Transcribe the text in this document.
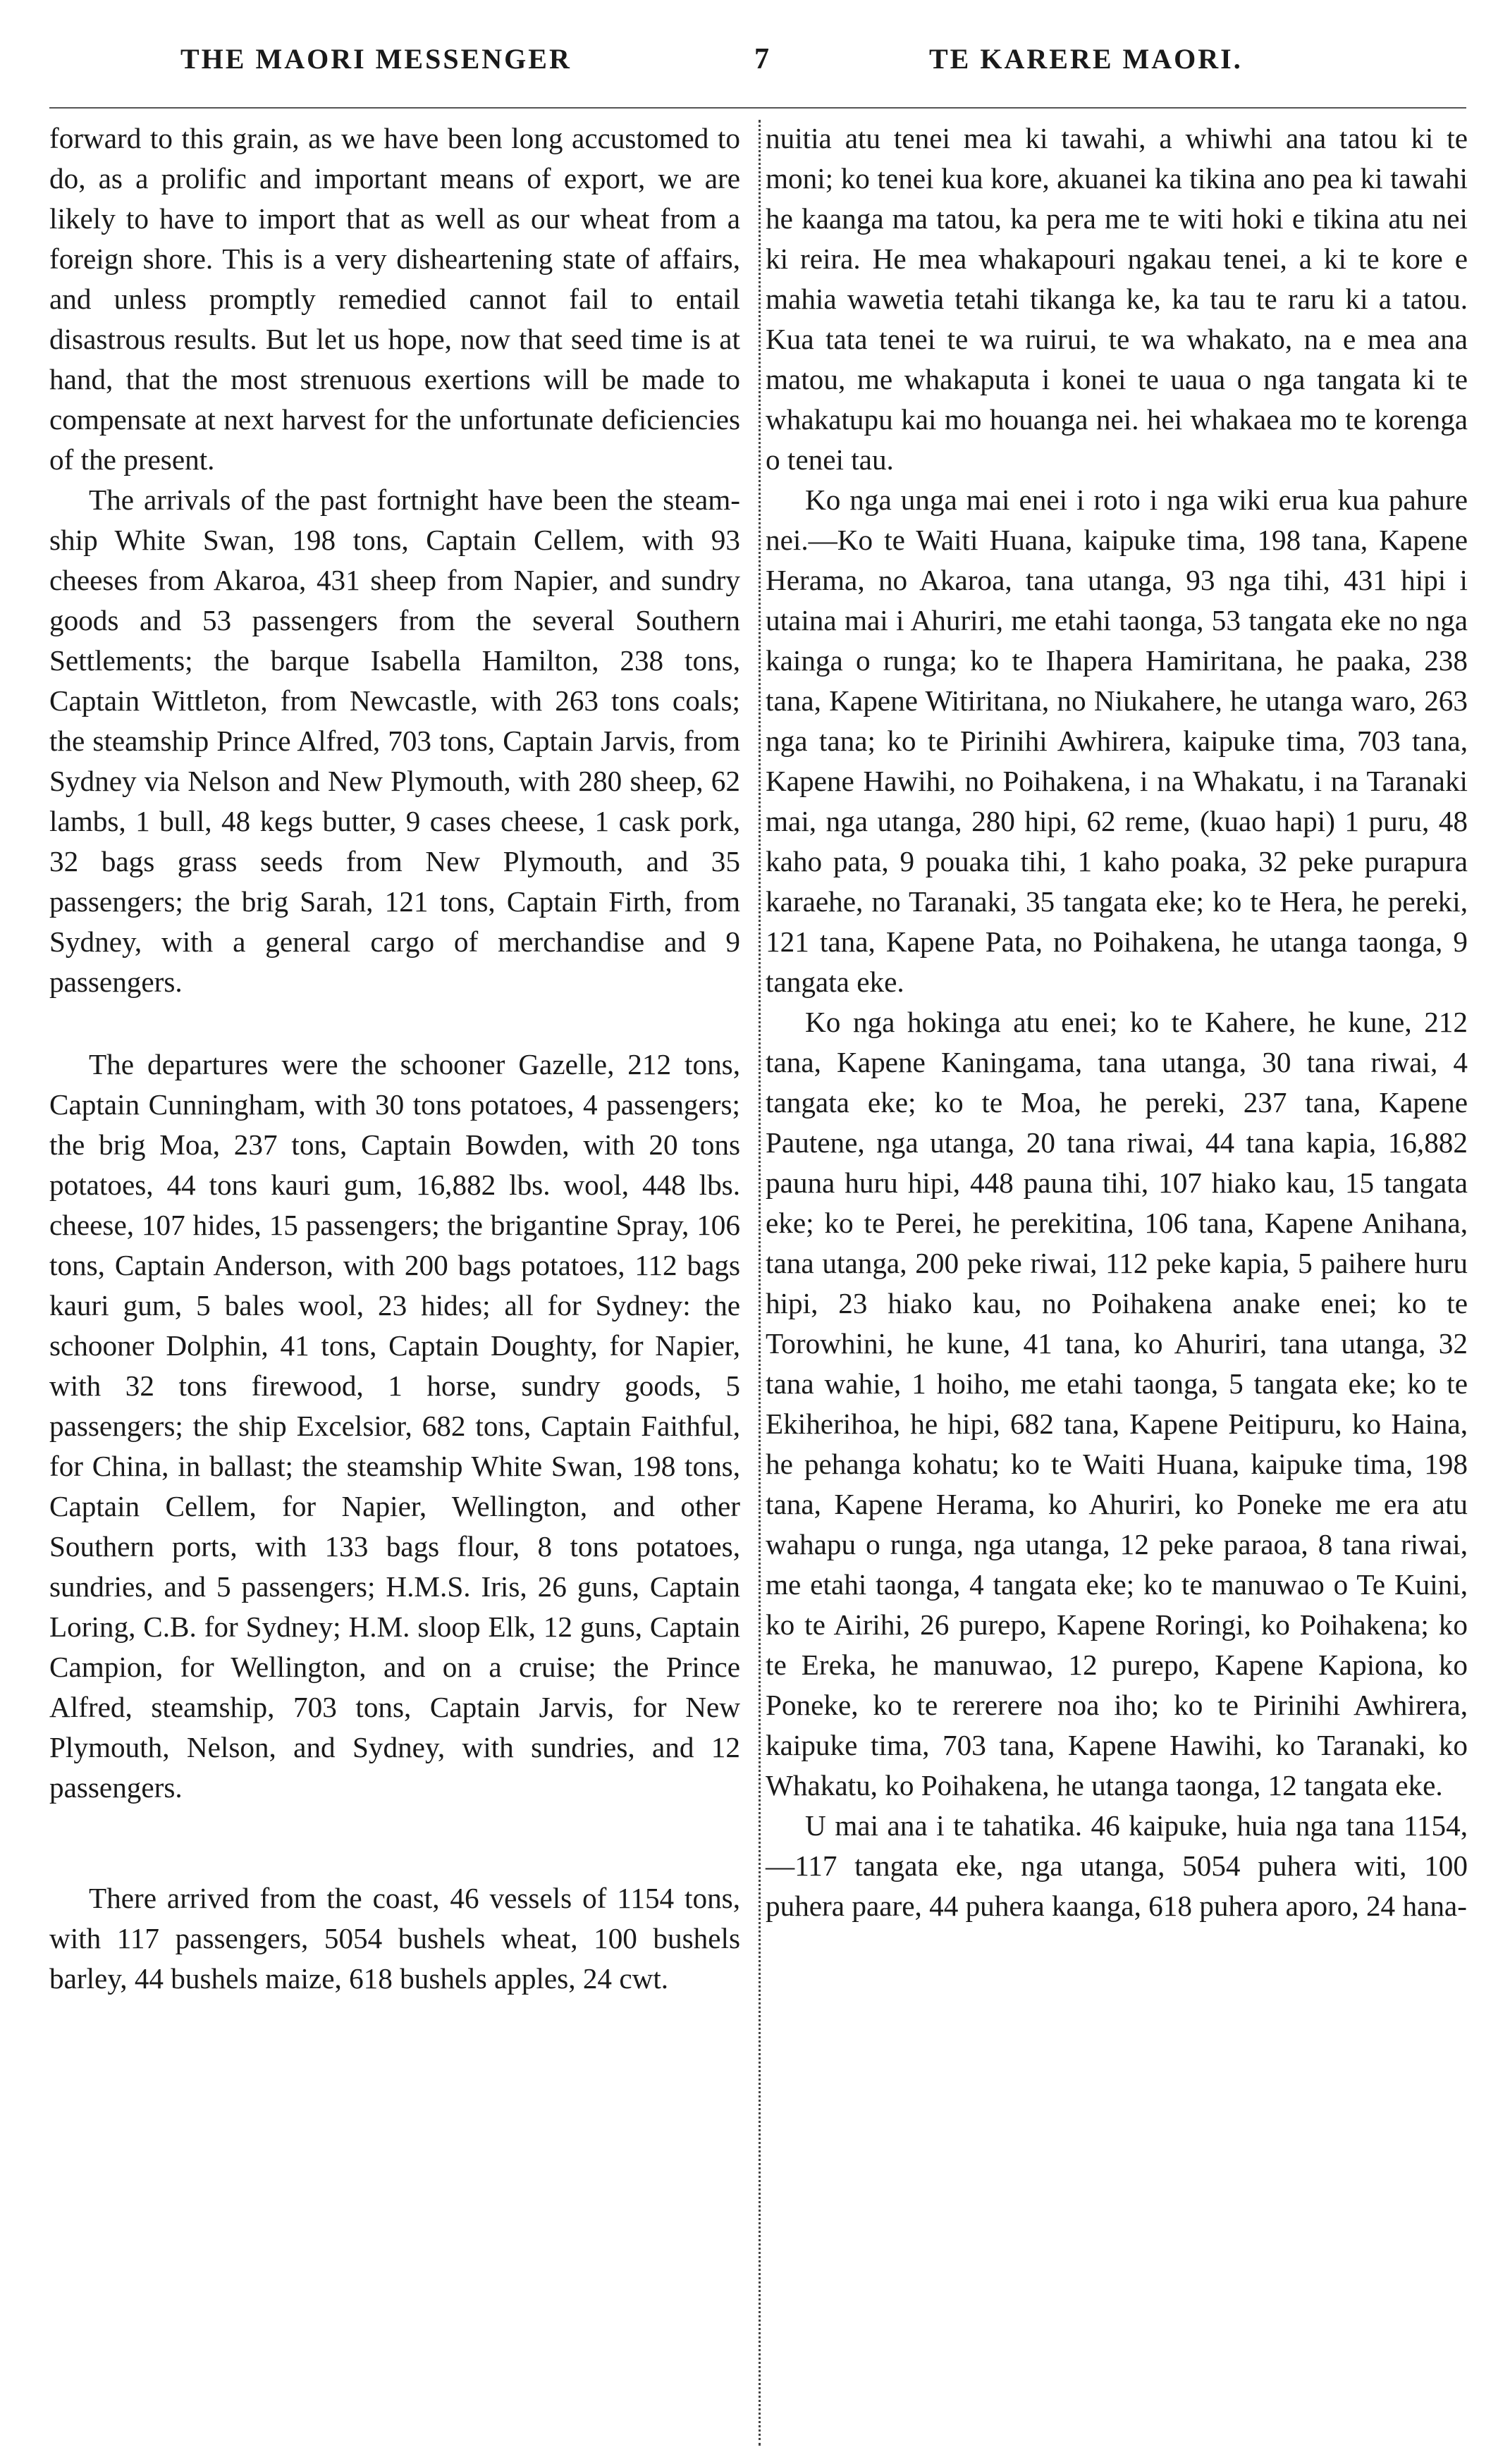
THE MAORI MESSENGER	7	TE KARERE MAORI.

forward to this grain, as we have been long accustomed to do, as a prolific and important means of export, we are likely to have to import that as well as our wheat from a foreign shore. This is a very disheartening state of affairs, and unless promptly remedied cannot fail to entail disastrous results. But let us hope, now that seed time is at hand, that the most strenuous exertions will be made to compensate at next harvest for the unfortunate deficiencies of the present.

The arrivals of the past fortnight have been the steam-ship White Swan, 198 tons, Captain Cellem, with 93 cheeses from Akaroa, 431 sheep from Napier, and sundry goods and 53 passengers from the several Southern Settlements; the barque Isabella Hamilton, 238 tons, Captain Wittleton, from Newcastle, with 263 tons coals; the steamship Prince Alfred, 703 tons, Captain Jarvis, from Sydney via Nelson and New Plymouth, with 280 sheep, 62 lambs, 1 bull, 48 kegs butter, 9 cases cheese, 1 cask pork, 32 bags grass seeds from New Plymouth, and 35 passengers; the brig Sarah, 121 tons, Captain Firth, from Sydney, with a general cargo of merchandise and 9 passengers.

The departures were the schooner Gazelle, 212 tons, Captain Cunningham, with 30 tons potatoes, 4 passengers; the brig Moa, 237 tons, Captain Bowden, with 20 tons potatoes, 44 tons kauri gum, 16,882 lbs. wool, 448 lbs. cheese, 107 hides, 15 passengers; the brigantine Spray, 106 tons, Captain Anderson, with 200 bags potatoes, 112 bags kauri gum, 5 bales wool, 23 hides; all for Sydney: the schooner Dolphin, 41 tons, Captain Doughty, for Napier, with 32 tons firewood, 1 horse, sundry goods, 5 passengers; the ship Excelsior, 682 tons, Captain Faithful, for China, in ballast; the steamship White Swan, 198 tons, Captain Cellem, for Napier, Wellington, and other Southern ports, with 133 bags flour, 8 tons potatoes, sundries, and 5 passengers; H.M.S. Iris, 26 guns, Captain Loring, C.B. for Sydney; H.M. sloop Elk, 12 guns, Captain Campion, for Wellington, and on a cruise; the Prince Alfred, steamship, 703 tons, Captain Jarvis, for New Plymouth, Nelson, and Sydney, with sundries, and 12 passengers.

There arrived from the coast, 46 vessels of 1154 tons, with 117 passengers, 5054 bushels wheat, 100 bushels barley, 44 bushels maize, 618 bushels apples, 24 cwt.

nuitia atu tenei mea ki tawahi, a whiwhi ana tatou ki te moni; ko tenei kua kore, akuanei ka tikina ano pea ki tawahi he kaanga ma tatou, ka pera me te witi hoki e tikina atu nei ki reira. He mea whakapouri ngakau tenei, a ki te kore e mahia wawetia tetahi tikanga ke, ka tau te raru ki a tatou. Kua tata tenei te wa ruirui, te wa whakato, na e mea ana matou, me whakaputa i konei te uaua o nga tangata ki te whakatupu kai mo houanga nei. hei whakaea mo te korenga o tenei tau.

Ko nga unga mai enei i roto i nga wiki erua kua pahure nei.—Ko te Waiti Huana, kaipuke tima, 198 tana, Kapene Herama, no Akaroa, tana utanga, 93 nga tihi, 431 hipi i utaina mai i Ahuriri, me etahi taonga, 53 tangata eke no nga kainga o runga; ko te Ihapera Hamiritana, he paaka, 238 tana, Kapene Witiritana, no Niukahere, he utanga waro, 263 nga tana; ko te Pirinihi Awhirera, kaipuke tima, 703 tana, Kapene Hawihi, no Poihakena, i na Whakatu, i na Taranaki mai, nga utanga, 280 hipi, 62 reme, (kuao hapi) 1 puru, 48 kaho pata, 9 pouaka tihi, 1 kaho poaka, 32 peke purapura karaehe, no Taranaki, 35 tangata eke; ko te Hera, he pereki, 121 tana, Kapene Pata, no Poihakena, he utanga taonga, 9 tangata eke.

Ko nga hokinga atu enei; ko te Kahere, he kune, 212 tana, Kapene Kaningama, tana utanga, 30 tana riwai, 4 tangata eke; ko te Moa, he pereki, 237 tana, Kapene Pautene, nga utanga, 20 tana riwai, 44 tana kapia, 16,882 pauna huru hipi, 448 pauna tihi, 107 hiako kau, 15 tangata eke; ko te Perei, he perekitina, 106 tana, Kapene Anihana, tana utanga, 200 peke riwai, 112 peke kapia, 5 paihere huru hipi, 23 hiako kau, no Poihakena anake enei; ko te Torowhini, he kune, 41 tana, ko Ahuriri, tana utanga, 32 tana wahie, 1 hoiho, me etahi taonga, 5 tangata eke; ko te Ekiherihoa, he hipi, 682 tana, Kapene Peitipuru, ko Haina, he pehanga kohatu; ko te Waiti Huana, kaipuke tima, 198 tana, Kapene Herama, ko Ahuriri, ko Poneke me era atu wahapu o runga, nga utanga, 12 peke paraoa, 8 tana riwai, me etahi taonga, 4 tangata eke; ko te manuwao o Te Kuini, ko te Airihi, 26 purepo, Kapene Roringi, ko Poihakena; ko te Ereka, he manuwao, 12 purepo, Kapene Kapiona, ko Poneke, ko te rererere noa iho; ko te Pirinihi Awhirera, kaipuke tima, 703 tana, Kapene Hawihi, ko Taranaki, ko Whakatu, ko Poihakena, he utanga taonga, 12 tangata eke.

U mai ana i te tahatika. 46 kaipuke, huia nga tana 1154,—117 tangata eke, nga utanga, 5054 puhera witi, 100 puhera paare, 44 puhera kaanga, 618 puhera aporo, 24 hana-
